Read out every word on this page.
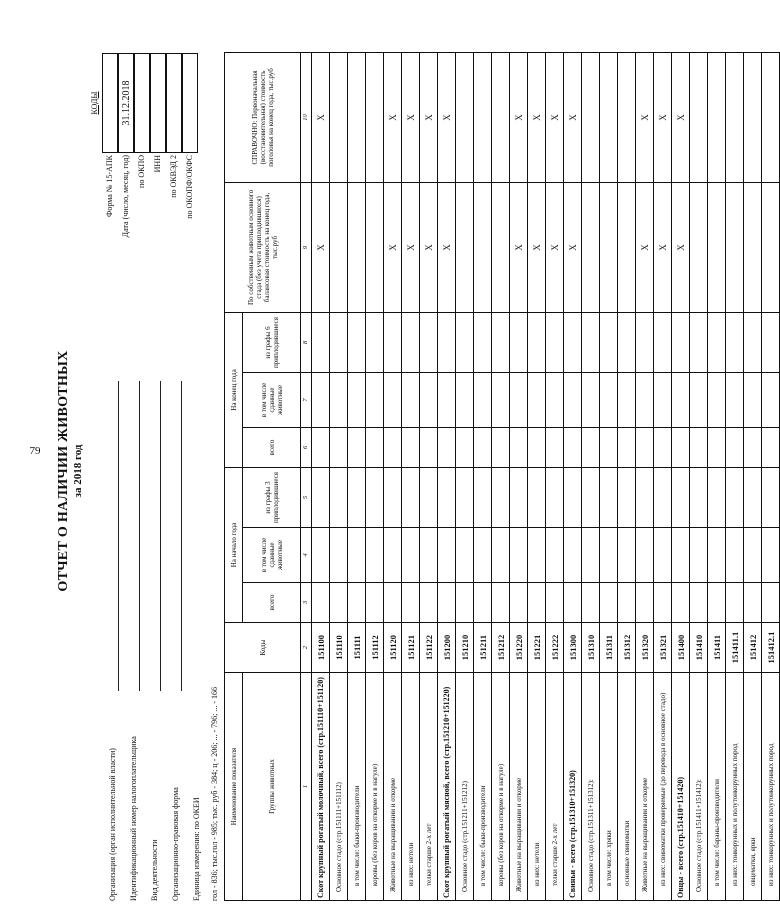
79	ОТЧЕТ О НАЛИЧИИ ЖИВОТНЫХ за 2018 год
Организация (орган исполнительной власти) Идентификационный номер налогоплательщика Вид деятельности Организационно-правовая форма Единица измерения: по ОКЕИ гол - 836; тыс.гол - 985; тыс. руб - 384; ц - 206; ... - 796; ... - 166
КОДЫ
Форма № 15-АПК Дата (число, месяц, год)
31.12.2018
по ОКПО ИНН по ОКВЭД 2 по ОКОПФ/ОКФС
Наименование показателя	Коды	На начало года			На конец года			По собственным животным основного стада (без учета приплодившихся) балансовая стоимость на конец года, тыс.руб	СПРАВОЧНО: Первоначальная (восстановительная) стоимость поголовья на конец года, тыс.руб
Группы животных		всего	в том числе сданные животные	из графы 3 приплодившиеся	всего	в том числе сданные животные	из графы 6 приплодившиеся		
1	2	3	4	5	6	7	8	9	10
Скот крупный рогатый молочный, всего (стр.151110+151120)	151100							X	X
Основное стадо (стр.151111+151112)	151110								
в том числе: быки-производители	151111								
коровы (без коров на откорме и в нагуле)	151112								
Животные на выращивании и откорме	151120							X	X
из них: нетели	151121							X	X
телки старше 2-х лет	151122							X	X
Скот крупный рогатый мясной, всего (стр.151210+151220)	151200							X	X
Основное стадо (стр.151211+151212)	151210								
в том числе: быки-производители	151211								
коровы (без коров на откорме и в нагуле)	151212								
Животные на выращивании и откорме	151220							X	X
из них: нетели	151221							X	X
телки старше 2-х лет	151222							X	X
Свиньи - всего (стр.151310+151320)	151300							X	X
Основное стадо (стр.151311+151312):	151310								
в том числе: хряки	151311								
основные свиноматки	151312								
Животные на выращивании и откорме	151320							X	X
из них: свиноматки проверяемые (до перевода в основное стадо)	151321							X	X
Овцы - всего (стр.151410+151420)	151400							X	X
Основное стадо (стр.151411+151412):	151410								
в том числе: бараны-производители	151411								
из них: тонкорунных и полутонкорунных пород	151411.1								
овцематки, ярки	151412								
из них: тонкорунных и полутонкорунных пород	151412.1								
